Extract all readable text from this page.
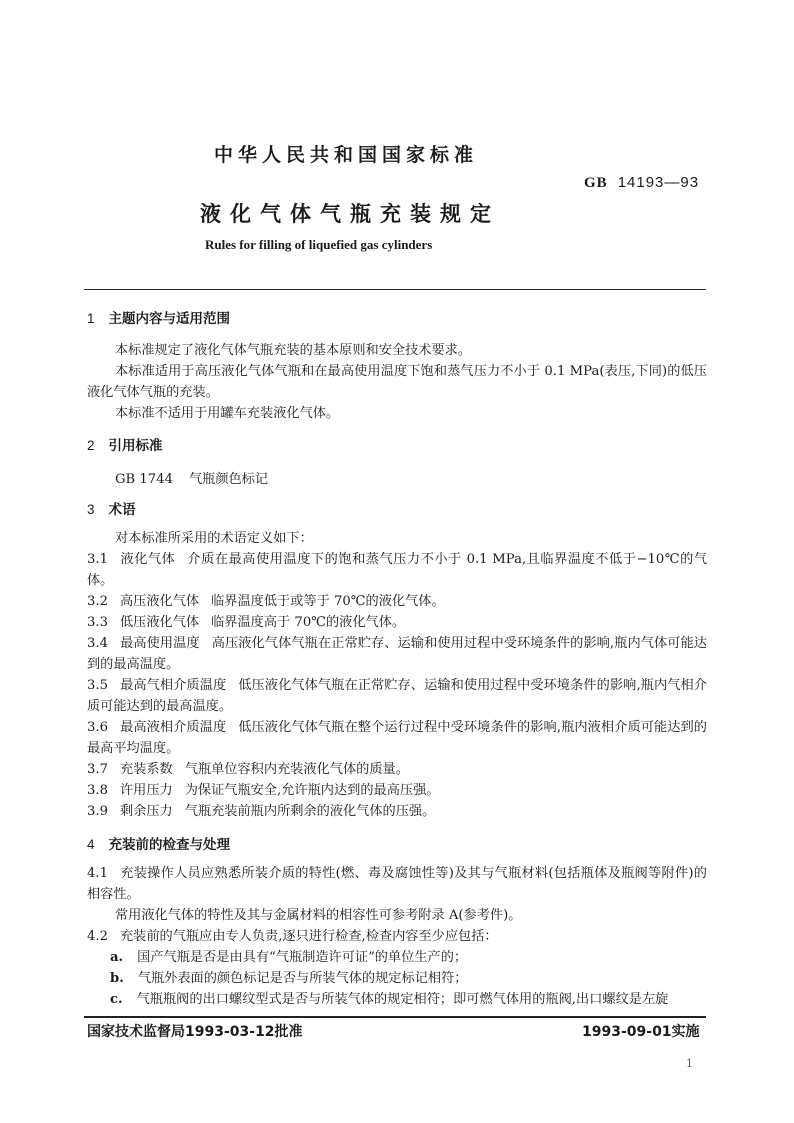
中华人民共和国国家标准
GB 14193—93
液化气体气瓶充装规定
Rules for filling of liquefied gas cylinders
1 主题内容与适用范围
本标准规定了液化气体气瓶充装的基本原则和安全技术要求。
本标准适用于高压液化气体气瓶和在最高使用温度下饱和蒸气压力不小于 0.1 MPa(表压,下同)的低压液化气体气瓶的充装。
本标准不适用于用罐车充装液化气体。
2 引用标准
GB 1744 气瓶颜色标记
3 术语
对本标准所采用的术语定义如下：
3.1 液化气体 介质在最高使用温度下的饱和蒸气压力不小于 0.1 MPa,且临界温度不低于−10℃的气体。
3.2 高压液化气体 临界温度低于或等于 70℃的液化气体。
3.3 低压液化气体 临界温度高于 70℃的液化气体。
3.4 最高使用温度 高压液化气体气瓶在正常贮存、运输和使用过程中受环境条件的影响,瓶内气体可能达到的最高温度。
3.5 最高气相介质温度 低压液化气体气瓶在正常贮存、运输和使用过程中受环境条件的影响,瓶内气相介质可能达到的最高温度。
3.6 最高液相介质温度 低压液化气体气瓶在整个运行过程中受环境条件的影响,瓶内液相介质可能达到的最高平均温度。
3.7 充装系数 气瓶单位容积内充装液化气体的质量。
3.8 许用压力 为保证气瓶安全,允许瓶内达到的最高压强。
3.9 剩余压力 气瓶充装前瓶内所剩余的液化气体的压强。
4 充装前的检查与处理
4.1 充装操作人员应熟悉所装介质的特性(燃、毒及腐蚀性等)及其与气瓶材料(包括瓶体及瓶阀等附件)的相容性。
常用液化气体的特性及其与金属材料的相容性可参考附录 A(参考件)。
4.2 充装前的气瓶应由专人负责,逐只进行检查,检查内容至少应包括：
a. 国产气瓶是否是由具有“气瓶制造许可证”的单位生产的；
b. 气瓶外表面的颜色标记是否与所装气体的规定标记相符；
c. 气瓶瓶阀的出口螺纹型式是否与所装气体的规定相符；即可燃气体用的瓶阀,出口螺纹是左旋
国家技术监督局1993-03-12批准	1993-09-01实施
1
